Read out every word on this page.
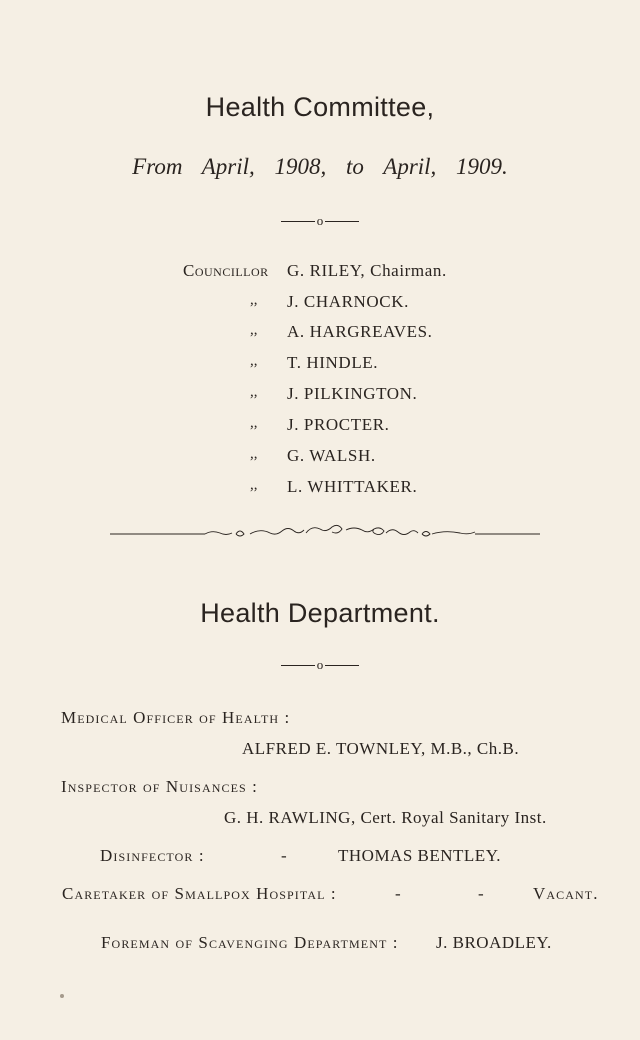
Health Committee,
From April, 1908, to April, 1909.
o
Councillor G. RILEY, Chairman.
,, J. CHARNOCK.
,, A. HARGREAVES.
,, T. HINDLE.
,, J. PILKINGTON.
,, J. PROCTER.
,, G. WALSH.
,, L. WHITTAKER.
Health Department.
o
Medical Officer of Health :
ALFRED E. TOWNLEY, M.B., Ch.B.
Inspector of Nuisances :
G. H. RAWLING, Cert. Royal Sanitary Inst.
Disinfector :	-	THOMAS BENTLEY.
Caretaker of Smallpox Hospital :	-	-	Vacant.
Foreman of Scavenging Department : J. BROADLEY.
